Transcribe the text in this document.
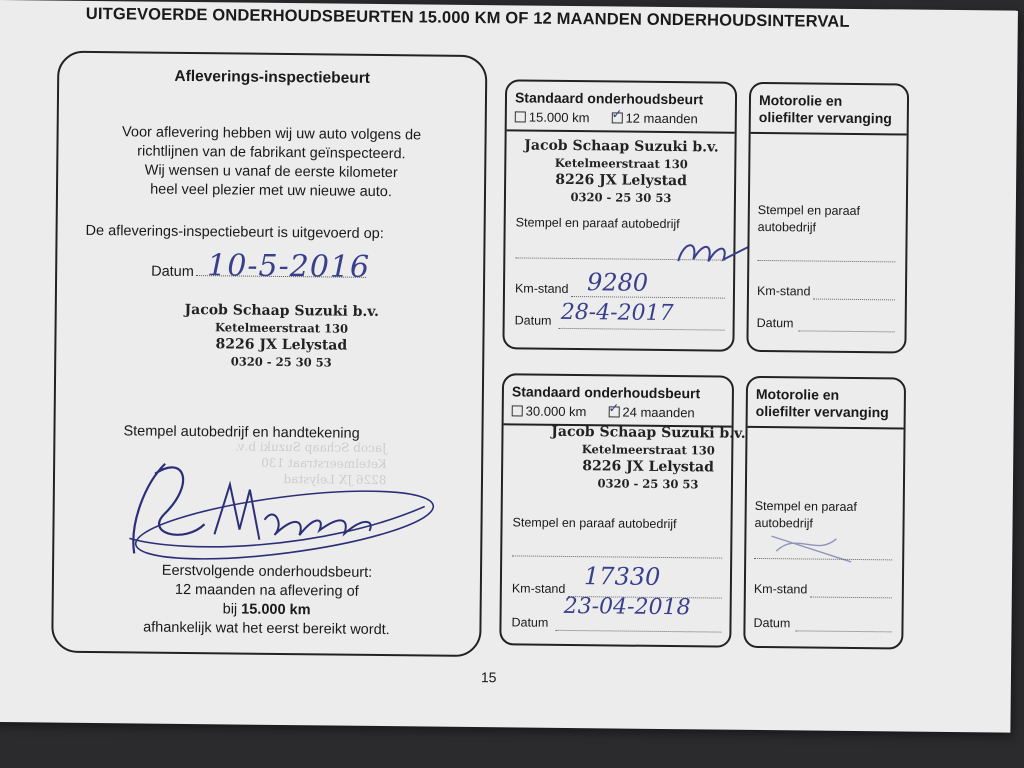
UITGEVOERDE ONDERHOUDSBEURTEN 15.000 KM OF 12 MAANDEN ONDERHOUDSINTERVAL
Afleverings-inspectiebeurt
Voor aflevering hebben wij uw auto volgens de
richtlijnen van de fabrikant geïnspecteerd.
Wij wensen u vanaf de eerste kilometer
heel veel plezier met uw nieuwe auto.
De afleverings-inspectiebeurt is uitgevoerd op:
Datum 10-5-2016
Jacob Schaap Suzuki b.v.
Ketelmeerstraat 130
8226 JX Lelystad
0320 - 25 30 53
Jacob Schaap Suzuki b.v.
Ketelmeerstraat 130
8226 JX Lelystad
Stempel autobedrijf en handtekening
Eerstvolgende onderhoudsbeurt:
12 maanden na aflevering of
bij 15.000 km
afhankelijk wat het eerst bereikt wordt.
Standaard onderhoudsbeurt
15.000 km ✓	12 maanden
Jacob Schaap Suzuki b.v.
Ketelmeerstraat 130
8226 JX Lelystad
0320 - 25 30 53
Stempel en paraaf autobedrijf
Km-stand 9280
Datum 28-4-2017
Motorolie en
oliefilter vervanging
Stempel en paraaf
autobedrijf
Km-stand
Datum
Standaard onderhoudsbeurt
30.000 km ✓	24 maanden
Jacob Schaap Suzuki b.v.
Ketelmeerstraat 130
8226 JX Lelystad
0320 - 25 30 53
Stempel en paraaf autobedrijf
Km-stand 17330
Datum
23-04-2018
Motorolie en
oliefilter vervanging
Stempel en paraaf
autobedrijf
Km-stand
Datum
15
